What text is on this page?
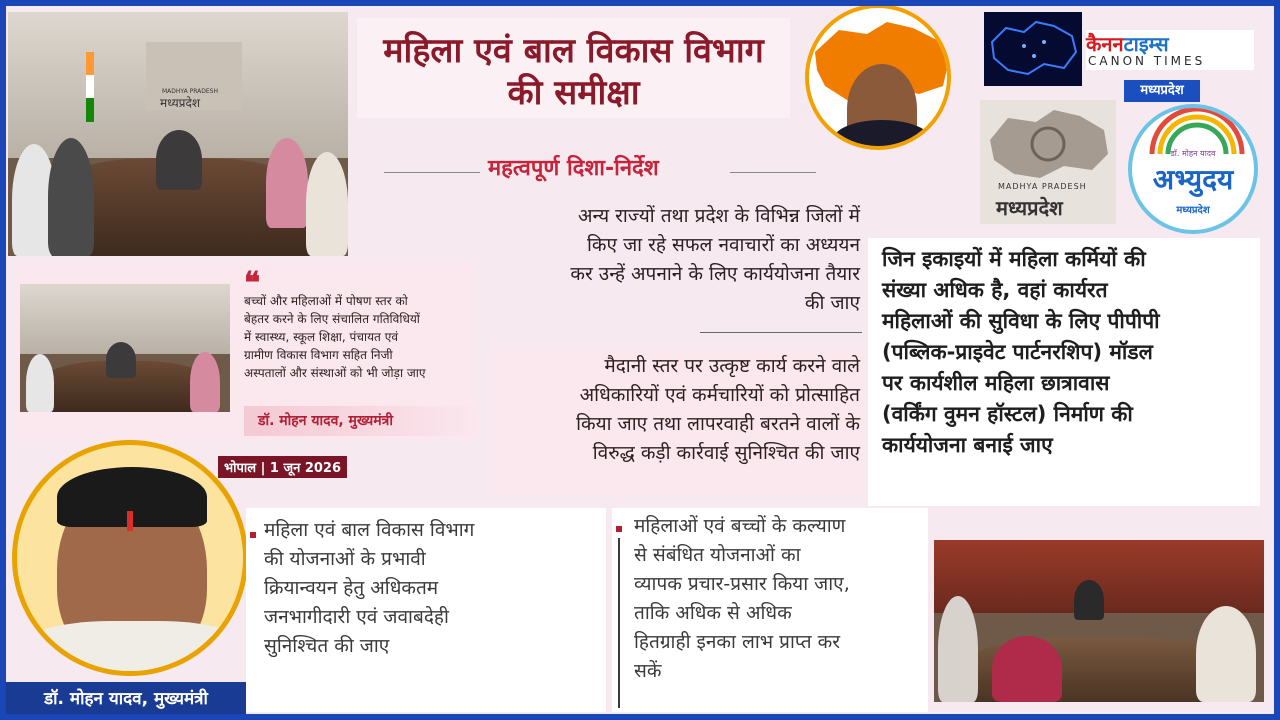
MADHYA PRADESH
मध्यप्रदेश
महिला एवं बाल विकास विभाग
की समीक्षा
कैननटाइम्स
CANON TIMES
मध्यप्रदेश
MADHYA PRADESH
मध्यप्रदेश
डॉ. मोहन यादव
अभ्युदय
मध्यप्रदेश
महत्वपूर्ण दिशा-निर्देश
अन्य राज्यों तथा प्रदेश के विभिन्न जिलों में
किए जा रहे सफल नवाचारों का अध्ययन
कर उन्हें अपनाने के लिए कार्ययोजना तैयार
की जाए
मैदानी स्तर पर उत्कृष्ट कार्य करने वाले
अधिकारियों एवं कर्मचारियों को प्रोत्साहित
किया जाए तथा लापरवाही बरतने वालों के
विरुद्ध कड़ी कार्रवाई सुनिश्चित की जाए
जिन इकाइयों में महिला कर्मियों की
संख्या अधिक है, वहां कार्यरत
महिलाओं की सुविधा के लिए पीपीपी
(पब्लिक-प्राइवेट पार्टनरशिप) मॉडल
पर कार्यशील महिला छात्रावास
(वर्किंग वुमन हॉस्टल) निर्माण की
कार्ययोजना बनाई जाए
❝
बच्चों और महिलाओं में पोषण स्तर को
बेहतर करने के लिए संचालित गतिविधियों
में स्वास्थ्य, स्कूल शिक्षा, पंचायत एवं
ग्रामीण विकास विभाग सहित निजी
अस्पतालों और संस्थाओं को भी जोड़ा जाए
डॉ. मोहन यादव, मुख्यमंत्री
भोपाल | 1 जून 2026
डॉ. मोहन यादव, मुख्यमंत्री
महिला एवं बाल विकास विभाग
की योजनाओं के प्रभावी
क्रियान्वयन हेतु अधिकतम
जनभागीदारी एवं जवाबदेही
सुनिश्चित की जाए
महिलाओं एवं बच्चों के कल्याण
से संबंधित योजनाओं का
व्यापक प्रचार-प्रसार किया जाए,
ताकि अधिक से अधिक
हितग्राही इनका लाभ प्राप्त कर
सकें
